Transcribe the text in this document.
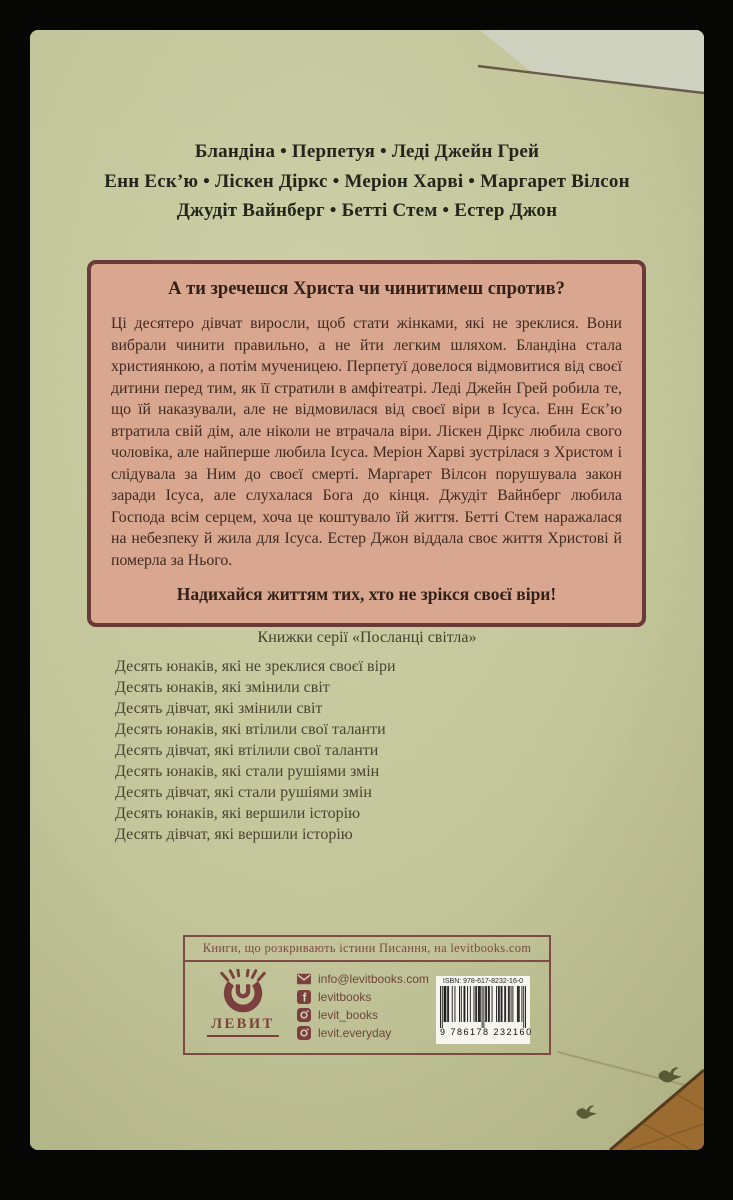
Бландіна • Перпетуя • Леді Джейн Грей
Енн Еск’ю • Ліскен Діркс • Меріон Харві • Маргарет Вілсон
Джудіт Вайнберг • Бетті Стем • Естер Джон
А ти зречешся Христа чи чинитимеш спротив?
Ці десятеро дівчат виросли, щоб стати жінками, які не зреклися. Вони вибрали чинити правильно, а не йти легким шляхом. Бландіна стала християнкою, а потім мученицею. Перпетуї довелося відмовитися від своєї дитини перед тим, як її стратили в амфітеатрі. Леді Джейн Грей робила те, що їй наказували, але не відмовилася від своєї віри в Ісуса. Енн Еск’ю втратила свій дім, але ніколи не втрачала віри. Ліскен Діркс любила свого чоловіка, але найперше любила Ісуса. Меріон Харві зустрілася з Христом і слідувала за Ним до своєї смерті. Маргарет Вілсон порушувала закон заради Ісуса, але слухалася Бога до кінця. Джудіт Вайнберг любила Господа всім серцем, хоча це коштувало їй життя. Бетті Стем наражалася на небезпеку й жила для Ісуса. Естер Джон віддала своє життя Христові й померла за Нього.
Надихайся життям тих, хто не зрікся своєї віри!
Книжки серії «Посланці світла»
Десять юнаків, які не зреклися своєї віри
Десять юнаків, які змінили світ
Десять дівчат, які змінили світ
Десять юнаків, які втілили свої таланти
Десять дівчат, які втілили свої таланти
Десять юнаків, які стали рушіями змін
Десять дівчат, які стали рушіями змін
Десять юнаків, які вершили історію
Десять дівчат, які вершили історію
Книги, що розкривають істини Писання, на levitbooks.com
ЛЕВИТ
info@levitbooks.com
f levitbooks
levit_books
levit.everyday
ISBN: 978-617-8232-16-0
9 786178 232160
